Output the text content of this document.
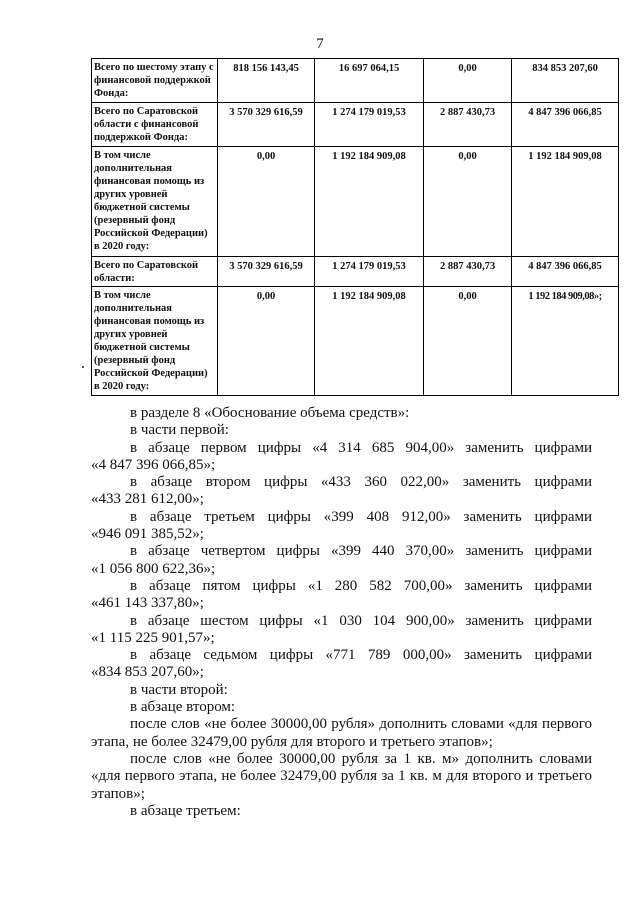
7
Всего по шестому этапу с финансовой поддержкой Фонда:	818 156 143,45	16 697 064,15	0,00	834 853 207,60
Всего по Саратовской области с финансовой поддержкой Фонда:	3 570 329 616,59	1 274 179 019,53	2 887 430,73	4 847 396 066,85
В том числе дополнительная финансовая помощь из других уровней бюджетной системы (резервный фонд Российской Федерации) в 2020 году:	0,00	1 192 184 909,08	0,00	1 192 184 909,08
Всего по Саратовской области:	3 570 329 616,59	1 274 179 019,53	2 887 430,73	4 847 396 066,85
В том числе дополнительная финансовая помощь из других уровней бюджетной системы (резервный фонд Российской Федерации) в 2020 году:	0,00	1 192 184 909,08	0,00	1 192 184 909,08»;

в разделе 8 «Обоснование объема средств»:

в части первой:

в абзаце первом цифры «4 314 685 904,00» заменить цифрами

«4 847 396 066,85»;

в абзаце втором цифры «433 360 022,00» заменить цифрами

«433 281 612,00»;

в абзаце третьем цифры «399 408 912,00» заменить цифрами

«946 091 385,52»;

в абзаце четвертом цифры «399 440 370,00» заменить цифрами

«1 056 800 622,36»;

в абзаце пятом цифры «1 280 582 700,00» заменить цифрами

«461 143 337,80»;

в абзаце шестом цифры «1 030 104 900,00» заменить цифрами

«1 115 225 901,57»;

в абзаце седьмом цифры «771 789 000,00» заменить цифрами

«834 853 207,60»;

в части второй:

в абзаце втором:

после слов «не более 30000,00 рубля» дополнить словами «для первого этапа, не более 32479,00 рубля для второго и третьего этапов»;

после слов «не более 30000,00 рубля за 1 кв. м» дополнить словами «для первого этапа, не более 32479,00 рубля за 1 кв. м для второго и третьего этапов»;

в абзаце третьем:
